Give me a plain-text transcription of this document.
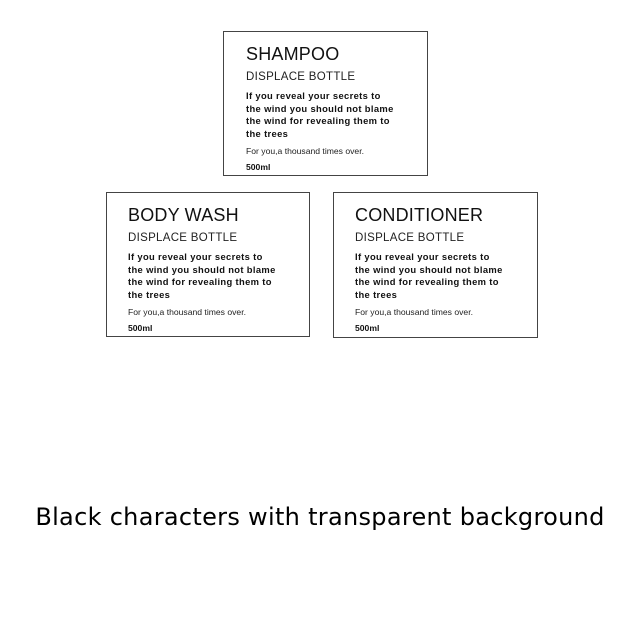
SHAMPOO
DISPLACE BOTTLE
If you reveal your secrets to
the wind you should not blame
the wind for revealing them to
the trees
For you,a thousand times over.
500ml
BODY WASH
DISPLACE BOTTLE
If you reveal your secrets to
the wind you should not blame
the wind for revealing them to
the trees
For you,a thousand times over.
500ml
CONDITIONER
DISPLACE BOTTLE
If you reveal your secrets to
the wind you should not blame
the wind for revealing them to
the trees
For you,a thousand times over.
500ml
Black characters with transparent background
